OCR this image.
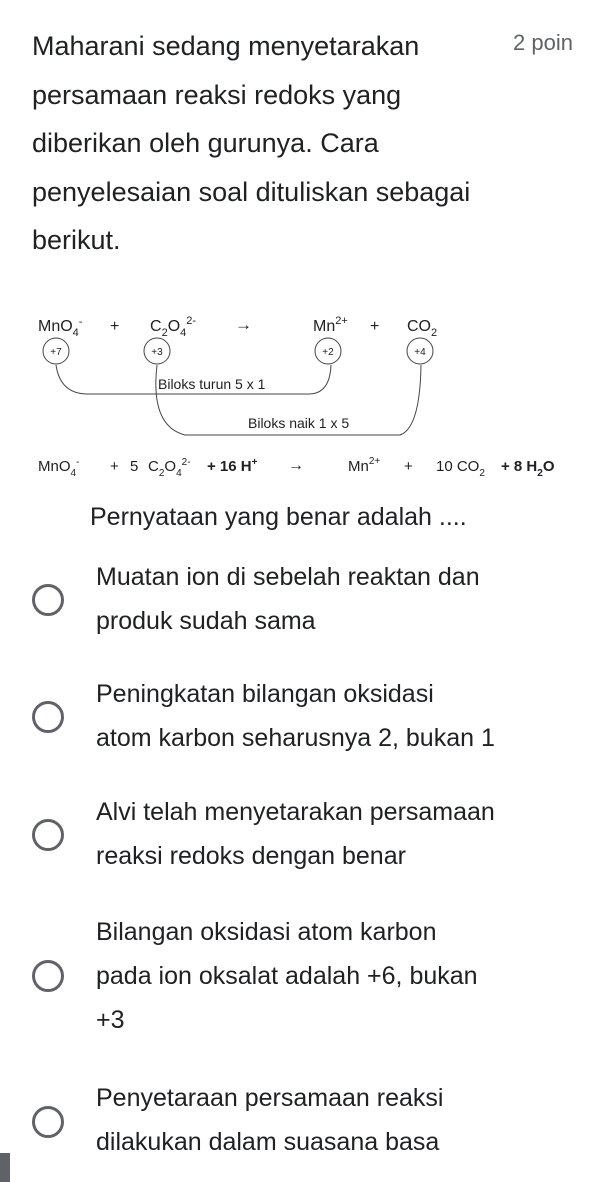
Maharani sedang menyetarakan persamaan reaksi redoks yang diberikan oleh gurunya. Cara penyelesaian soal dituliskan sebagai berikut.
2 poin
$MnO_4^- + C_2O_4^{2-}$ →	$Mn^{2+} + CO_2$
+7	+3	+2	+4
Biloks turun 5 x 1
Biloks naik 1 x 5
MnO$_4$- + 5 $C_2O_4^{2-} + 16$ H+ →	$Mn^{2+} + 10$ $CO_2 + 8$ $H_2O$
Pernyataan yang benar adalah ....
Muatan ion di sebelah reaktan dan
produk sudah sama
Peningkatan bilangan oksidasi
atom karbon seharusnya 2, bukan 1
Alvi telah menyetarakan persamaan
reaksi redoks dengan benar
Bilangan oksidasi atom karbon
pada ion oksalat adalah +6, bukan
+3
Penyetaraan persamaan reaksi
dilakukan dalam suasana basa
